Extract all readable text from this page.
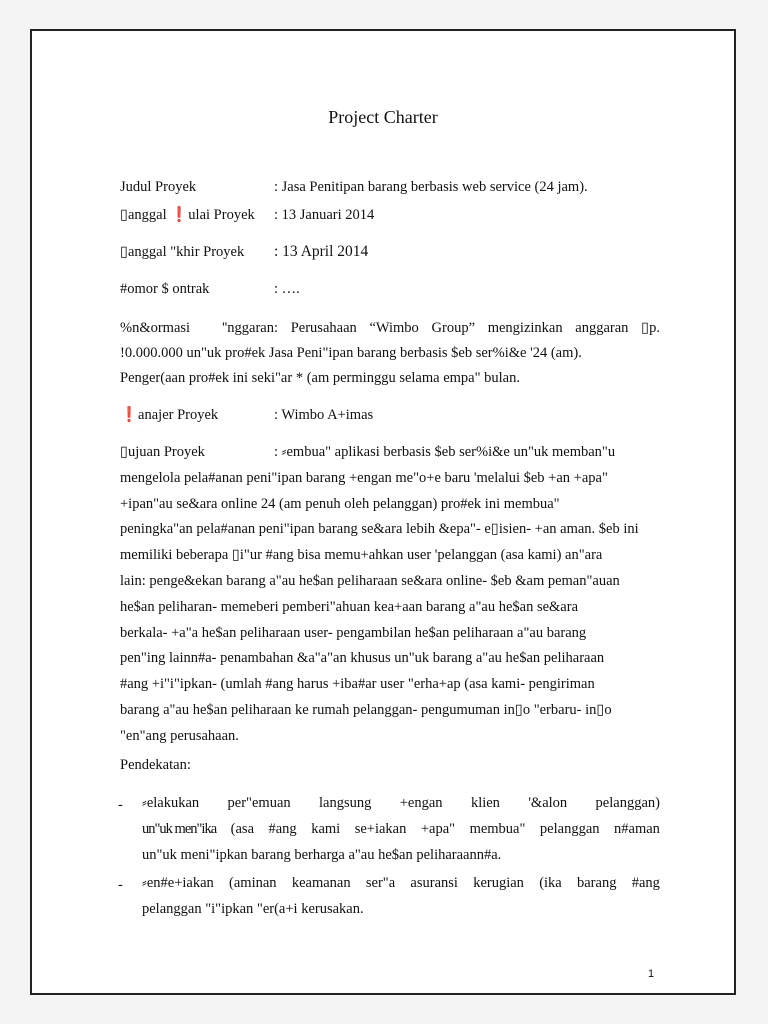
Project Charter
Judul Proyek	: Jasa Penitipan barang berbasis web service (24 jam).
▯anggal ❗ulai Proyek : 13 Januari 2014
▯anggal "khir Proyek : 13 April 2014
#omor $ ontrak	: ….
%n&ormasi ''nggaran: Perusahaan “Wimbo Group” mengizinkan anggaran ▯p.
!0.000.000 un"uk pro#ek Jasa Peni"ipan barang berbasis $eb ser%i&e '24 (am).
Penger(aan pro#ek ini seki"ar * (am perminggu selama empa" bulan.
❗anajer Proyek	: Wimbo A+imas
▯ujuan Proyek	: ⸗embua" aplikasi berbasis $eb ser%i&e un"uk memban"u
mengelola pela#anan peni"ipan barang +engan me"o+e baru 'melalui $eb +an +apa"
+ipan"au se&ara online 24 (am penuh oleh pelanggan) pro#ek ini membua"
peningka"an pela#anan peni"ipan barang se&ara lebih &epa"- e▯isien- +an aman. $eb ini
memiliki beberapa ▯i"ur #ang bisa memu+ahkan user 'pelanggan (asa kami) an"ara
lain: penge&ekan barang a"au he$an peliharaan se&ara online- $eb &am peman"auan
he$an peliharan- memeberi pemberi"ahuan kea+aan barang a"au he$an se&ara
berkala- +a"a he$an peliharaan user- pengambilan he$an peliharaan a"au barang
pen"ing lainn#a- penambahan &a"a"an khusus un"uk barang a"au he$an peliharaan
#ang +i"i"ipkan- (umlah #ang harus +iba#ar user "erha+ap (asa kami- pengiriman
barang a"au he$an peliharaan ke rumah pelanggan- pengumuman in▯o "erbaru- in▯o
"en"ang perusahaan.
Pendekatan:
- ⸗elakukan per"emuan langsung +engan klien '&alon pelanggan)
un"uk men"ika (asa #ang kami se+iakan +apa" membua" pelanggan n#aman
un"uk meni"ipkan barang berharga a"au he$an peliharaann#a.
- ⸗en#e+iakan (aminan keamanan ser"a asuransi kerugian (ika barang #ang
pelanggan "i"ipkan "er(a+i kerusakan.
1
